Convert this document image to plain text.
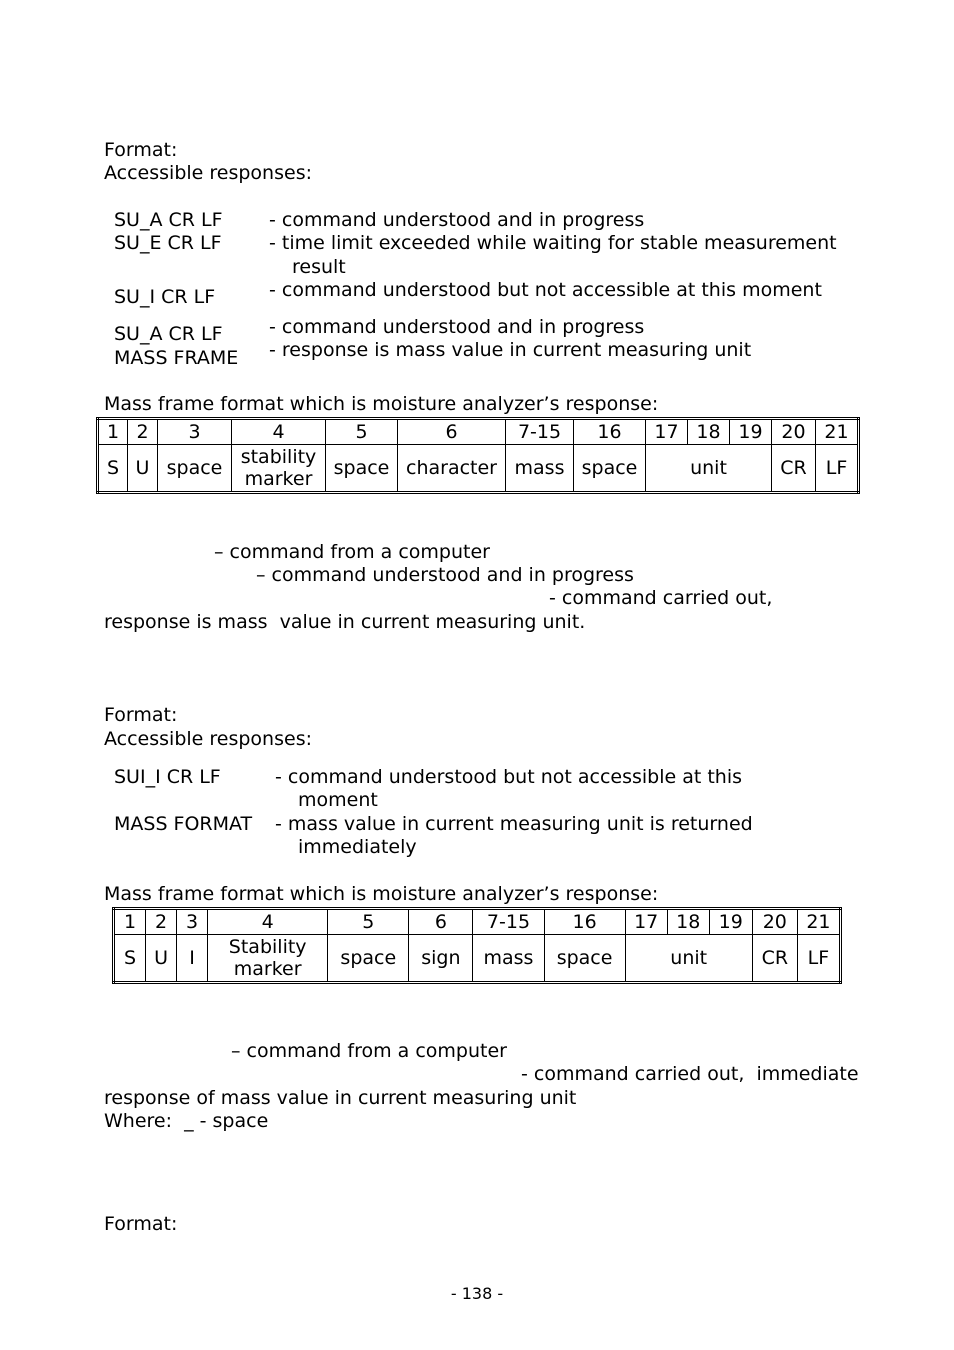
Format:
Accessible responses:
SU_A CR LF - command understood and in progress
SU_E CR LF - time limit exceeded while waiting for stable measurement
result
SU_I CR LF	- command understood but not accessible at this moment
SU_A CR LF - command understood and in progress
MASS FRAME - response is mass value in current measuring unit
Mass frame format which is moisture analyzer’s response:
1	2	3	4	5	6	7-15	16	17	18	19	20	21
S	U	space	stability marker	space	character	mass	space	unit			CR	LF
– command from a computer
– command understood and in progress
- command carried out,
response is mass  value in current measuring unit.
Format:
Accessible responses:
SUI_I CR LF	- command understood but not accessible at this
moment
MASS FORMAT - mass value in current measuring unit is returned
immediately
Mass frame format which is moisture analyzer’s response:
1	2	3	4	5	6	7-15	16	17	18	19	20	21
S	U	I	Stability marker	space	sign	mass	space	unit			CR	LF
– command from a computer
- command carried out,  immediate
response of mass value in current measuring unit
Where:  _ - space
Format:
- 138 -
